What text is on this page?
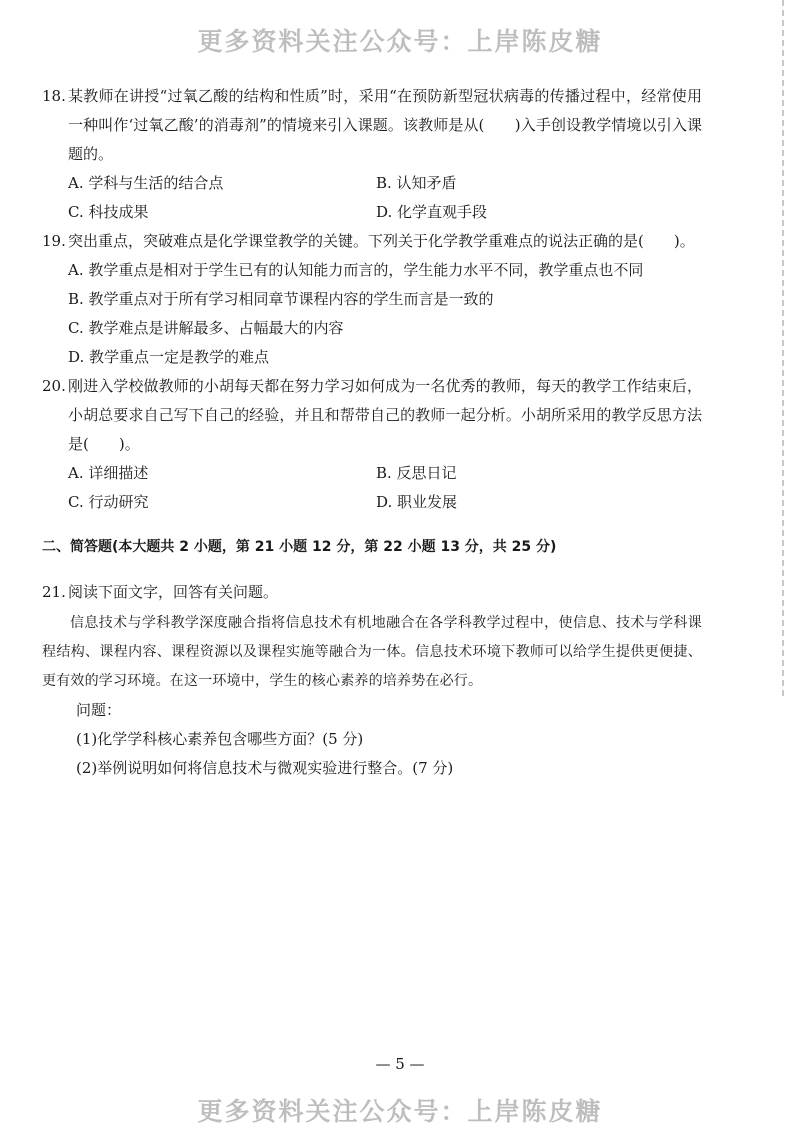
更多资料关注公众号：上岸陈皮糖
18. 某教师在讲授“过氧乙酸的结构和性质”时，采用“在预防新型冠状病毒的传播过程中，经常使用一种叫作‘过氧乙酸’的消毒剂”的情境来引入课题。该教师是从(　　)入手创设教学情境以引入课题的。
A. 学科与生活的结合点	B. 认知矛盾
C. 科技成果	D. 化学直观手段
19. 突出重点，突破难点是化学课堂教学的关键。下列关于化学教学重难点的说法正确的是(　　)。
A. 教学重点是相对于学生已有的认知能力而言的，学生能力水平不同，教学重点也不同
B. 教学重点对于所有学习相同章节课程内容的学生而言是一致的
C. 教学难点是讲解最多、占幅最大的内容
D. 教学重点一定是教学的难点
20. 刚进入学校做教师的小胡每天都在努力学习如何成为一名优秀的教师，每天的教学工作结束后，小胡总要求自己写下自己的经验，并且和帮带自己的教师一起分析。小胡所采用的教学反思方法是(　　)。
A. 详细描述	B. 反思日记
C. 行动研究	D. 职业发展
二、简答题(本大题共 2 小题，第 21 小题 12 分，第 22 小题 13 分，共 25 分)
21. 阅读下面文字，回答有关问题。

信息技术与学科教学深度融合指将信息技术有机地融合在各学科教学过程中，使信息、技术与学科课程结构、课程内容、课程资源以及课程实施等融合为一体。信息技术环境下教师可以给学生提供更便捷、更有效的学习环境。在这一环境中，学生的核心素养的培养势在必行。

问题：
(1)化学学科核心素养包含哪些方面？(5 分)
(2)举例说明如何将信息技术与微观实验进行整合。(7 分)
— 5 —
更多资料关注公众号：上岸陈皮糖
